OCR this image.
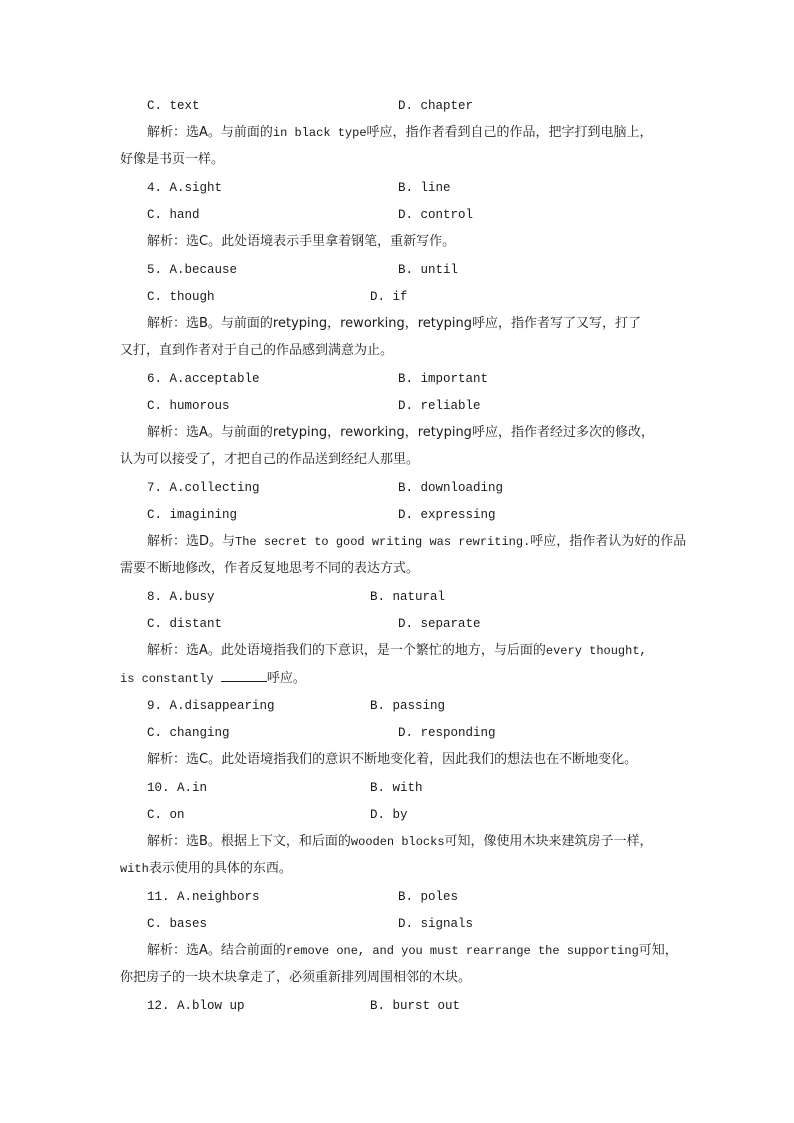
C. text	D. chapter
解析：选A。与前面的in black type呼应，指作者看到自己的作品，把字打到电脑上，
好像是书页一样。
4. A.sight	B. line
C. hand	D. control
解析：选C。此处语境表示手里拿着钢笔，重新写作。
5. A.because	B. until
C. though	D. if
解析：选B。与前面的retyping，reworking，retyping呼应，指作者写了又写，打了
又打，直到作者对于自己的作品感到满意为止。
6. A.acceptable	B. important
C. humorous	D. reliable
解析：选A。与前面的retyping，reworking，retyping呼应，指作者经过多次的修改，
认为可以接受了，才把自己的作品送到经纪人那里。
7. A.collecting	B. downloading
C. imagining	D. expressing
解析：选D。与The secret to good writing was rewriting.呼应，指作者认为好的作品
需要不断地修改，作者反复地思考不同的表达方式。
8. A.busy	B. natural
C. distant	D. separate
解析：选A。此处语境指我们的下意识，是一个繁忙的地方，与后面的every thought,
is constantly	呼应。
9. A.disappearing	B. passing
C. changing	D. responding
解析：选C。此处语境指我们的意识不断地变化着，因此我们的想法也在不断地变化。
10. A.in	B. with
C. on	D. by
解析：选B。根据上下文，和后面的wooden blocks可知，像使用木块来建筑房子一样，
with表示使用的具体的东西。
11. A.neighbors	B. poles
C. bases	D. signals
解析：选A。结合前面的remove one, and you must rearrange the supporting可知，
你把房子的一块木块拿走了，必须重新排列周围相邻的木块。
12. A.blow up	B. burst out
